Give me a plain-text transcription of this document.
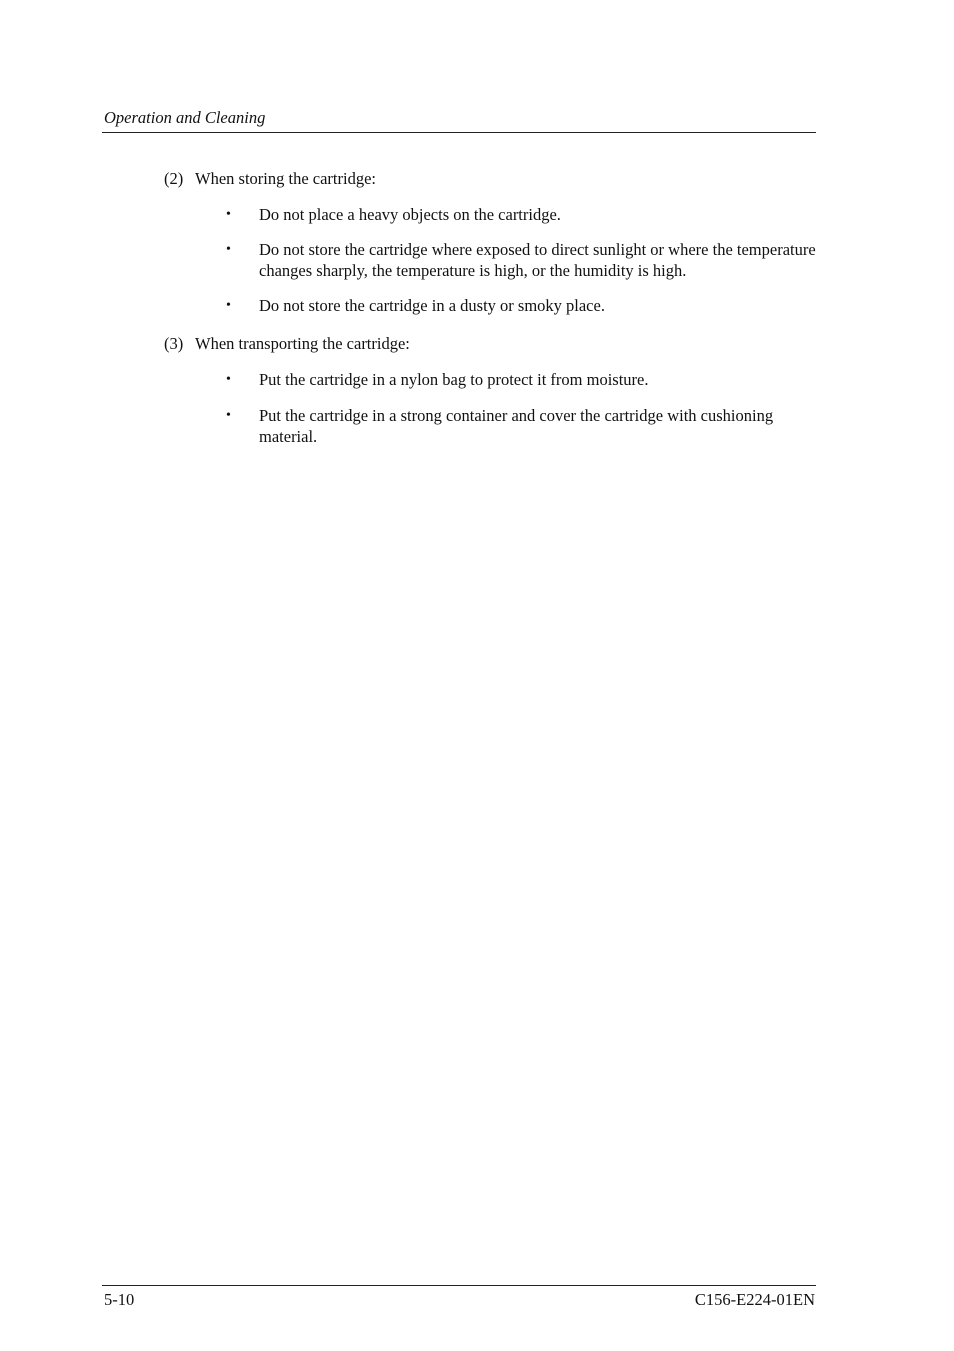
Operation and Cleaning
(2) When storing the cartridge:
•	Do not place a heavy objects on the cartridge.
•	Do not store the cartridge where exposed to direct sunlight or where the temperature changes sharply, the temperature is high, or the humidity is high.
•	Do not store the cartridge in a dusty or smoky place.
(3) When transporting the cartridge:
•	Put the cartridge in a nylon bag to protect it from moisture.
•	Put the cartridge in a strong container and cover the cartridge with cushioning material.
5-10	C156-E224-01EN
